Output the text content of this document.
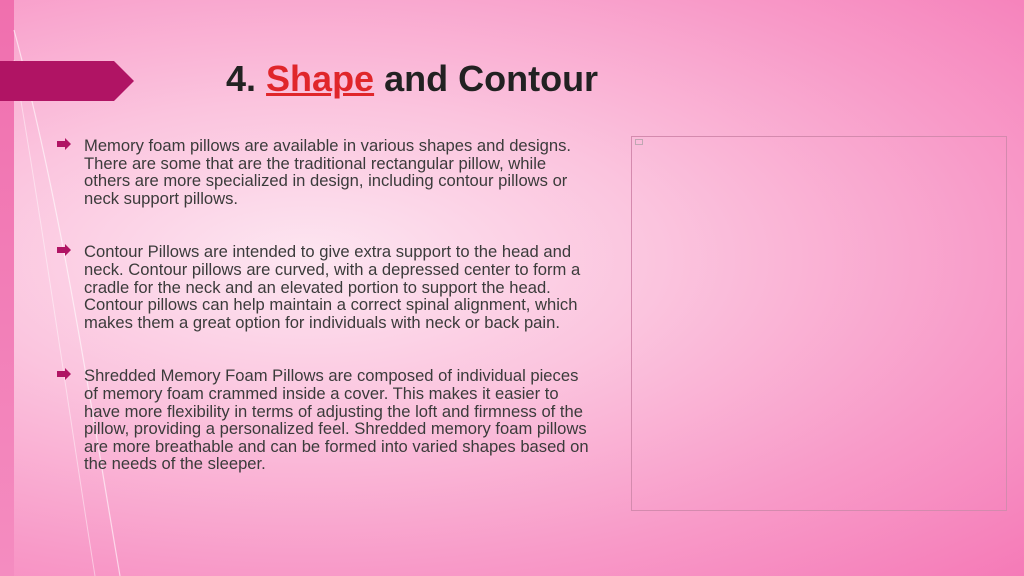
4. Shape and Contour
Memory foam pillows are available in various shapes and designs. There are some that are the traditional rectangular pillow, while others are more specialized in design, including contour pillows or neck support pillows.
Contour Pillows are intended to give extra support to the head and neck. Contour pillows are curved, with a depressed center to form a cradle for the neck and an elevated portion to support the head. Contour pillows can help maintain a correct spinal alignment, which makes them a great option for individuals with neck or back pain.
Shredded Memory Foam Pillows are composed of individual pieces of memory foam crammed inside a cover. This makes it easier to have more flexibility in terms of adjusting the loft and firmness of the pillow, providing a personalized feel. Shredded memory foam pillows are more breathable and can be formed into varied shapes based on the needs of the sleeper.
